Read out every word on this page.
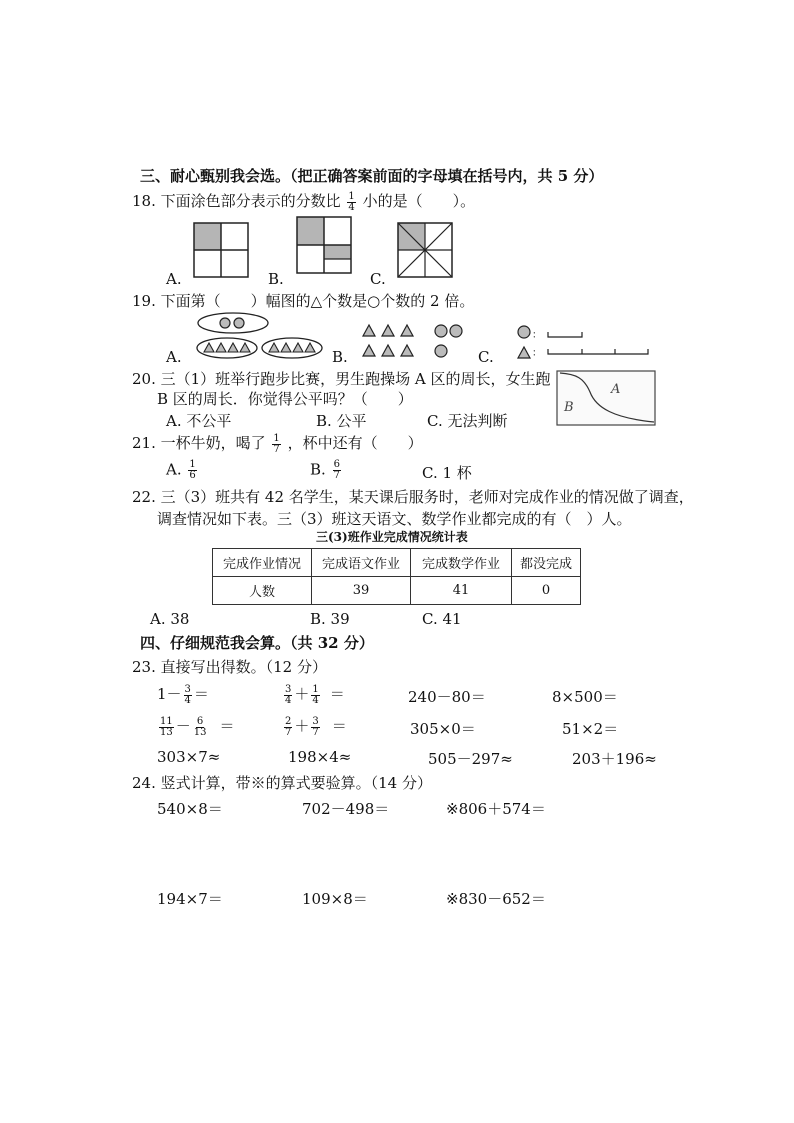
三、耐心甄别我会选。（把正确答案前面的字母填在括号内，共 5 分）
18. 下面涂色部分表示的分数比 $\frac{1}{4}$ 小的是（　　）。
A.	B.	C.
19. 下面第（　　）幅图的△个数是○个数的 2 倍。
A.	B.	C.
：
：
20. 三（1）班举行跑步比赛，男生跑操场 A 区的周长，女生跑
B 区的周长．你觉得公平吗？（　　）
A. 不公平	B. 公平	C. 无法判断
A
B
21. 一杯牛奶，喝了 $\frac{1}{7}$ ，杯中还有（　　）
A. $\frac{1}{6}$	B. $\frac{6}{7}$	C. 1 杯
22. 三（3）班共有 42 名学生，某天课后服务时，老师对完成作业的情况做了调查，
调查情况如下表。三（3）班这天语文、数学作业都完成的有（　）人。
三(3)班作业完成情况统计表
完成作业情况	完成语文作业	完成数学作业	都没完成
人数	39	41	0
A. 38	B. 39	C. 41
四、仔细规范我会算。（共 32 分）
23. 直接写出得数。（12 分）
$1- \frac{3}{4}$ ＝	$\frac{3}{4} + \frac{1}{4}$ ＝	240－80＝	8×500＝
$\frac{11}{13} - \frac{6}{13}$ ＝	$\frac{2}{7} + \frac{3}{7}$ ＝	305×0＝	51×2＝
303×7≈	198×4≈	505－297≈	203＋196≈
24. 竖式计算，带※的算式要验算。（14 分）
540×8＝	702－498＝	※806＋574＝
194×7＝	109×8＝	※830－652＝
